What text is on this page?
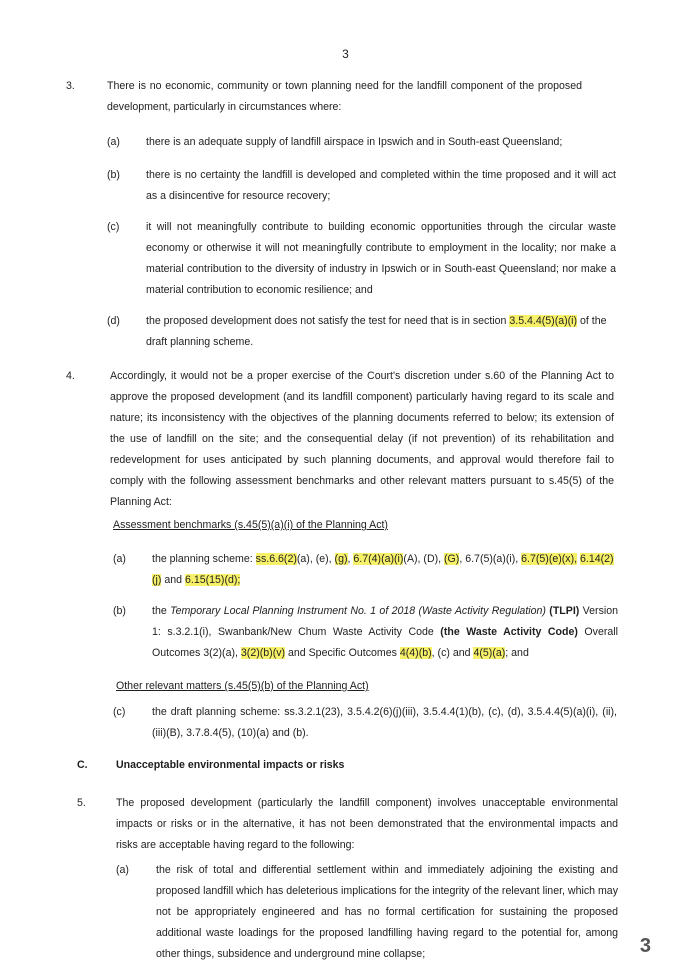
3
3.	There is no economic, community or town planning need for the landfill component of the proposed development, particularly in circumstances where:

(a) there is an adequate supply of landfill airspace in Ipswich and in South-east Queensland;

(b) there is no certainty the landfill is developed and completed within the time proposed and it will act as a disincentive for resource recovery;

(c)	it will not meaningfully contribute to building economic opportunities through the circular waste economy or otherwise it will not meaningfully contribute to employment in the locality; nor make a material contribution to the diversity of industry in Ipswich or in South-east Queensland; nor make a material contribution to economic resilience; and

(d) the proposed development does not satisfy the test for need that is in section 3.5.4.4(5)(a)(i) of the draft planning scheme.

4.	Accordingly, it would not be a proper exercise of the Court's discretion under s.60 of the Planning Act to approve the proposed development (and its landfill component) particularly having regard to its scale and nature; its inconsistency with the objectives of the planning documents referred to below; its extension of the use of landfill on the site; and the consequential delay (if not prevention) of its rehabilitation and redevelopment for uses anticipated by such planning documents, and approval would therefore fail to comply with the following assessment benchmarks and other relevant matters pursuant to s.45(5) of the Planning Act:

Assessment benchmarks (s.45(5)(a)(i) of the Planning Act)

(a) the planning scheme: ss.6.6(2)(a), (e), (g), 6.7(4)(a)(i)(A), (D), (G), 6.7(5)(a)(i), 6.7(5)(e)(x), 6.14(2)(j) and 6.15(15)(d);

(b) the Temporary Local Planning Instrument No. 1 of 2018 (Waste Activity Regulation) (TLPI) Version 1: s.3.2.1(i), Swanbank/New Chum Waste Activity Code (the Waste Activity Code) Overall Outcomes 3(2)(a), 3(2)(b)(v) and Specific Outcomes 4(4)(b), (c) and 4(5)(a); and

Other relevant matters (s.45(5)(b) of the Planning Act)

(c)	the draft planning scheme: ss.3.2.1(23), 3.5.4.2(6)(j)(iii), 3.5.4.4(1)(b), (c), (d), 3.5.4.4(5)(a)(i), (ii), (iii)(B), 3.7.8.4(5), (10)(a) and (b).

C.	Unacceptable environmental impacts or risks
5.	The proposed development (particularly the landfill component) involves unacceptable environmental impacts or risks or in the alternative, it has not been demonstrated that the environmental impacts and risks are acceptable having regard to the following:

(a)	the risk of total and differential settlement within and immediately adjoining the existing and proposed landfill which has deleterious implications for the integrity of the relevant liner, which may not be appropriately engineered and has no formal certification for sustaining the proposed additional waste loadings for the proposed landfilling having regard to the potential for, among other things, subsidence and underground mine collapse;	3
